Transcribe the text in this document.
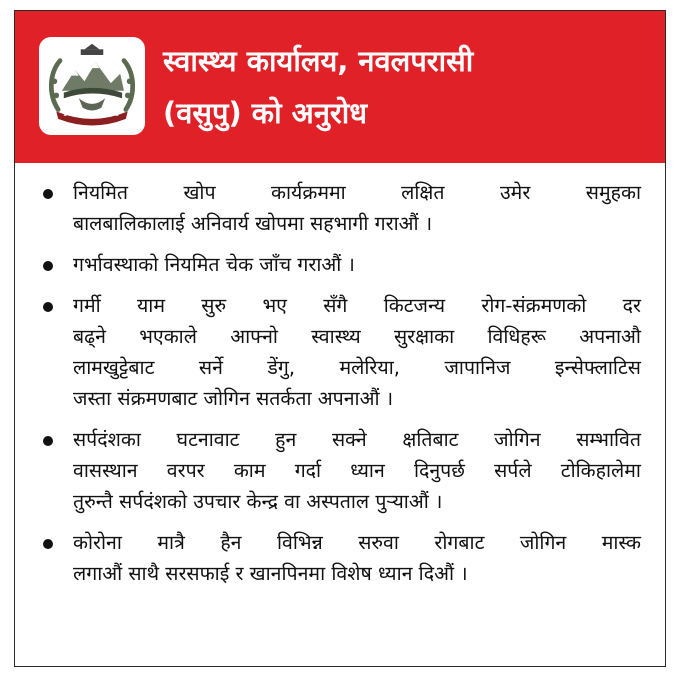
स्वास्थ्य कार्यालय, नवलपरासी
(वसुपु) को अनुरोध
नियमित खोप कार्यक्रममा लक्षित उमेर समुहका
बालबालिकालाई अनिवार्य खोपमा सहभागी गराऔं ।
गर्भावस्थाको नियमित चेक जाँच गराऔं ।
गर्मी याम सुरु भए सँगै किटजन्य रोग-संक्रमणको दर
बढ्ने भएकाले आफ्नो स्वास्थ्य सुरक्षाका विधिहरू अपनाऔ
लामखुट्टेबाट सर्ने डेंगु, मलेरिया, जापानिज इन्सेफ्लाटिस
जस्ता संक्रमणबाट जोगिन सतर्कता अपनाऔं ।
सर्पदंशका घटनावाट हुन सक्ने क्षतिबाट जोगिन सम्भावित
वासस्थान वरपर काम गर्दा ध्यान दिनुपर्छ सर्पले टोकिहालेमा
तुरुन्तै सर्पदंशको उपचार केन्द्र वा अस्पताल पुऱ्याऔं ।
कोरोना मात्रै हैन विभिन्न सरुवा रोगबाट जोगिन मास्क
लगाऔं साथै सरसफाई र खानपिनमा विशेष ध्यान दिऔं ।
